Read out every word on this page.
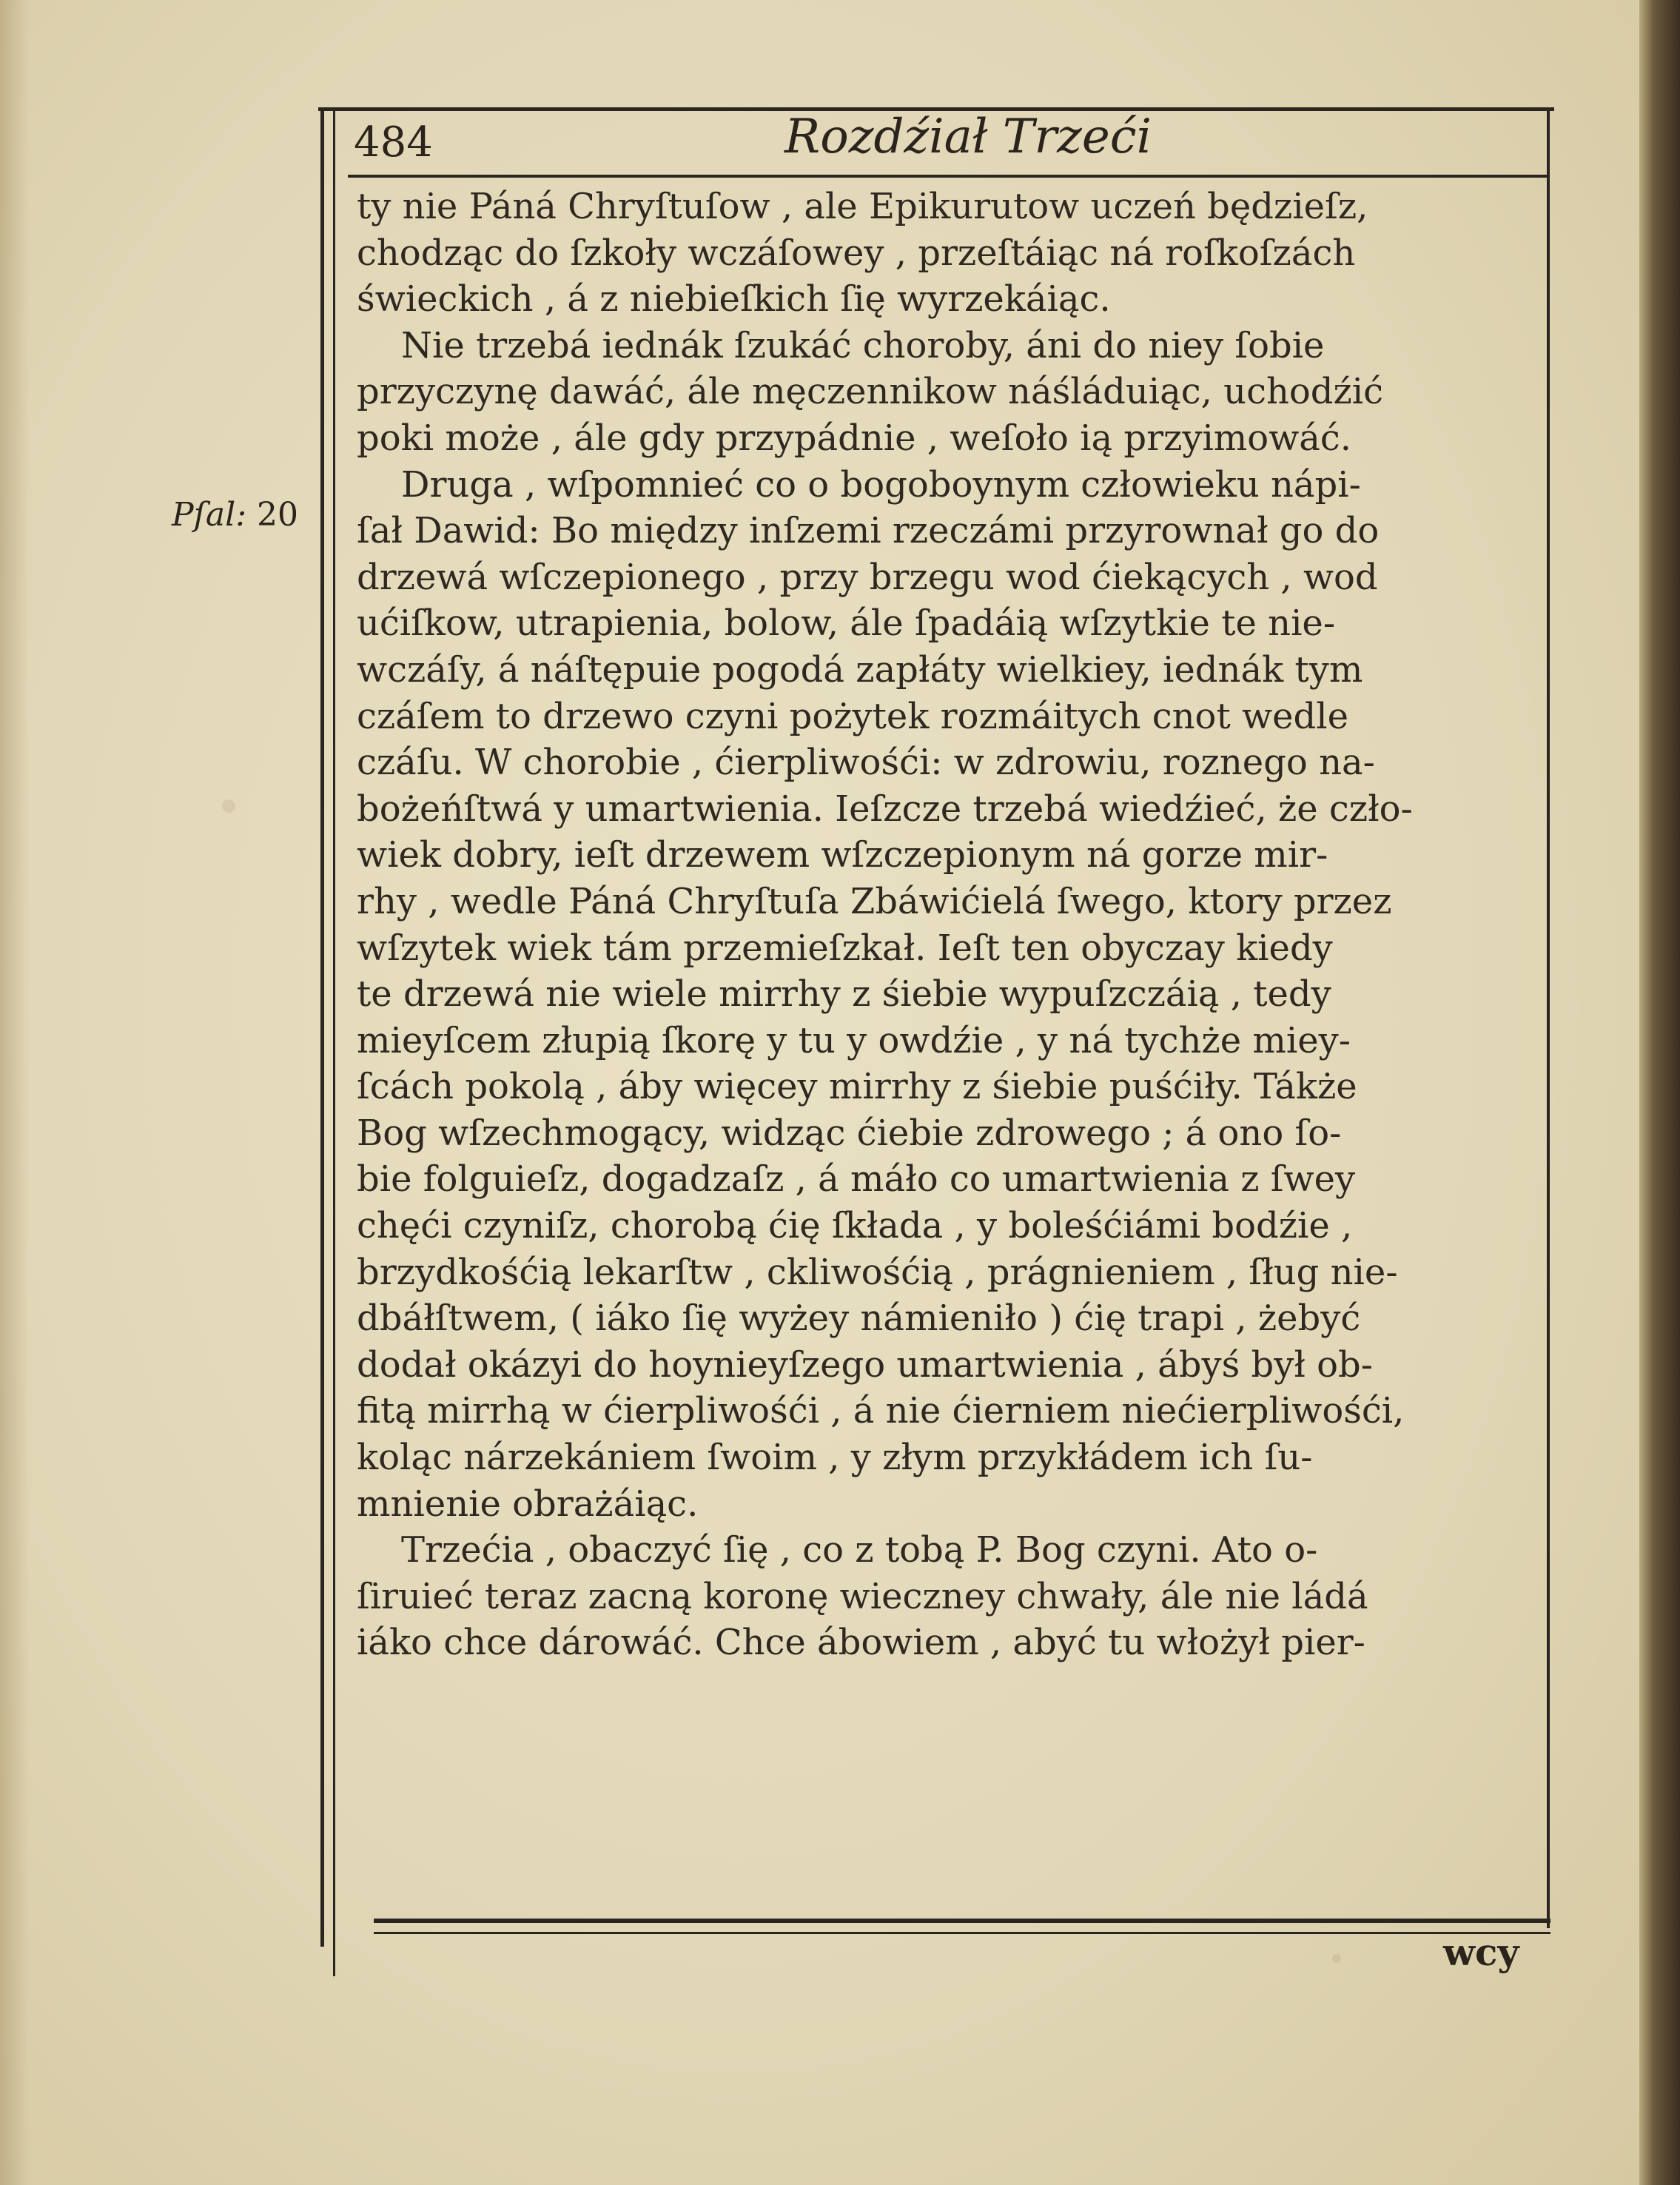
484	Rozdźiał Trzeći
Pſal: 20
ty nie Páná Chryſtuſow , ale Epikurutow uczeń będzieſz,
chodząc do ſzkoły wczáſowey , przeſtáiąc ná roſkoſzách
świeckich , á z niebieſkich ſię wyrzekáiąc.
Nie trzebá iednák ſzukáć choroby, áni do niey ſobie
przyczynę dawáć, ále męczennikow náśláduiąc, uchodźić
poki może , ále gdy przypádnie , weſoło ią przyimowáć.
Druga , wſpomnieć co o bogoboynym człowieku nápi-
ſał Dawid: Bo między inſzemi rzeczámi przyrownał go do
drzewá wſczepionego , przy brzegu wod ćiekących , wod
ućiſkow, utrapienia, bolow, ále ſpadáią wſzytkie te nie-
wczáſy, á náſtępuie pogodá zapłáty wielkiey, iednák tym
czáſem to drzewo czyni pożytek rozmáitych cnot wedle
czáſu. W chorobie , ćierpliwośći: w zdrowiu, roznego na-
bożeńſtwá y umartwienia. Ieſzcze trzebá wiedźieć, że czło-
wiek dobry, ieſt drzewem wſzczepionym ná gorze mir-
rhy , wedle Páná Chryſtuſa Zbáwićielá ſwego, ktory przez
wſzytek wiek tám przemieſzkał. Ieſt ten obyczay kiedy
te drzewá nie wiele mirrhy z śiebie wypuſzczáią , tedy
mieyſcem złupią ſkorę y tu y owdźie , y ná tychże miey-
ſcách pokolą , áby więcey mirrhy z śiebie puśćiły. Tákże
Bog wſzechmogący, widząc ćiebie zdrowego ; á ono ſo-
bie folguieſz, dogadzaſz , á máło co umartwienia z ſwey
chęći czyniſz, chorobą ćię ſkłada , y boleśćiámi bodźie ,
brzydkośćią lekarſtw , ckliwośćią , prágnieniem , ſług nie-
dbáłſtwem, ( iáko ſię wyżey námieniło ) ćię trapi , żebyć
dodał okázyi do hoynieyſzego umartwienia , ábyś był ob-
fitą mirrhą w ćierpliwośći , á nie ćierniem niećierpliwośći,
koląc nárzekániem ſwoim , y złym przykłádem ich ſu-
mnienie obrażáiąc.
Trzećia , obaczyć ſię , co z tobą P. Bog czyni. Ato o-
ſiruieć teraz zacną koronę wieczney chwały, ále nie ládá
iáko chce dárowáć. Chce ábowiem , abyć tu włożył pier-
wcy
